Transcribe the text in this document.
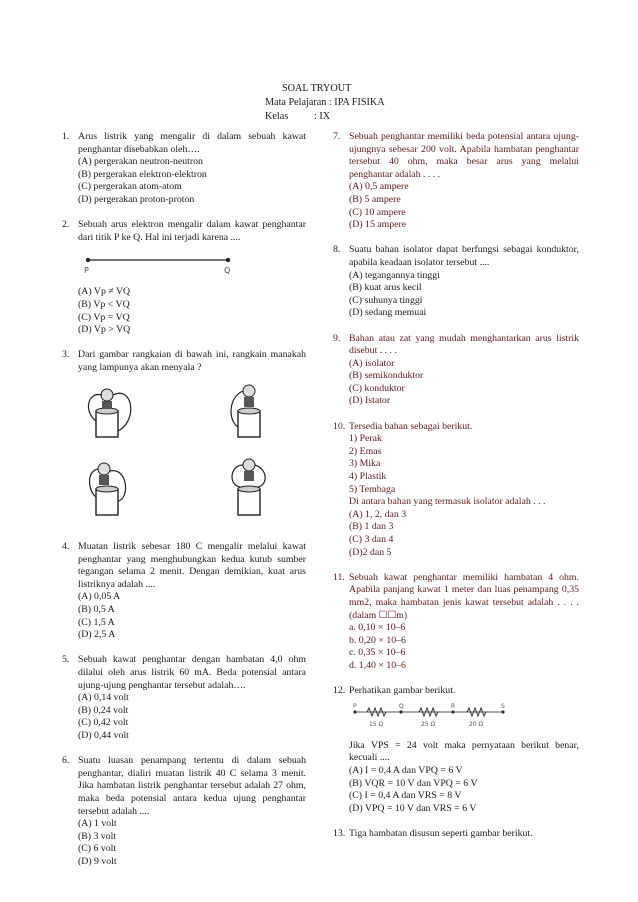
SOAL TRYOUT
Mata Pelajaran : IPA FISIKA
Kelas	: IX
1. Arus listrik yang mengalir di dalam sebuah kawat penghantar disebabkan oleh….
(A) pergerakan neutron-neutron
(B) pergerakan elektron-elektron
(C) pergerakan atom-atom
(D) pergerakan proton-proton
2. Sebuah arus elektron mengalir dalam kawat penghantar dari titik P ke Q. Hal ini terjadi karena ....
P	Q
(A) Vp ≠ VQ
(B) Vp < VQ
(C) Vp = VQ
(D) Vp > VQ
3. Dari gambar rangkaian di bawah ini, rangkain manakah yang lampunya akan menyala ?
4. Muatan listrik sebesar 180 C mengalir melalui kawat penghantar yang menghubungkan kedua kutub sumber tegangan selama 2 menit. Dengan demikian, kuat arus listriknya adalah ....
(A) 0,05 A
(B) 0,5 A
(C) 1,5 A
(D) 2,5 A
5. Sebuah kawat penghantar dengan hambatan 4,0 ohm dilalui oleh arus listrik 60 mA. Beda potensial antara ujung-ujung penghantar tersebut adalah….
(A) 0,14 volt
(B) 0,24 volt
(C) 0,42 volt
(D) 0,44 volt
6. Suatu luasan penampang tertentu di dalam sebuah penghantar, dialiri muatan listrik 40 C selama 3 menit. Jika hambatan listrik penghantar tersebut adalah 27 ohm, maka beda potensial antara kedua ujung penghantar tersebut adalah ....
(A) 1 volt
(B) 3 volt
(C) 6 volt
(D) 9 volt
7. Sebuah penghantar memiliki beda potensial antara ujung-ujungnya sebesar 200 volt. Apabila hambatan penghantar tersebut 40 ohm, maka besar arus yang melalui penghantar adalah . . . .
(A) 0,5 ampere
(B) 5 ampere
(C) 10 ampere
(D) 15 ampere
8. Suatu bahan isolator dapat berfungsi sebagai konduktor, apabila keadaan isolator tersebut ....
(A) tegangannya tinggi
(B) kuat arus kecil
(C) suhunya tinggi
(D) sedang memuai
9. Bahan atau zat yang mudah menghantarkan arus listrik disebut . . . .
(A) isolator
(B) semikonduktor
(C) konduktor
(D) Istator
10. Tersedia bahan sebagai berikut.
1) Perak
2) Emas
3) Mika
4) Plastik
5) Tembaga
Di antara bahan yang termasuk isolator adalah . . .
(A) 1, 2, dan 3
(B) 1 dan 3
(C) 3 dan 4
(D)2 dan 5
11. Sebuah kawat penghantar memiliki hambatan 4 ohm. Apabila panjang kawat 1 meter dan luas penampang 0,35 mm2, maka hambatan jenis kawat tersebut adalah . . . . (dalam ☐☐m)
a. 0,10 × 10–6
b. 0,20 × 10–6
c. 0,35 × 10–6
d. 1,40 × 10–6
12. Perhatikan gambar berikut.
P	Q	R	S
15 Ω	25 Ω	20 Ω
Jika VPS = 24 volt maka pernyataan berikut benar, kecuali ....
(A) I = 0,4 A dan VPQ = 6 V
(B) VQR = 10 V dan VPQ = 6 V
(C) I = 0,4 A dan VRS = 8 V
(D) VPQ = 10 V dan VRS = 6 V
13. Tiga hambatan disusun seperti gambar berikut.
